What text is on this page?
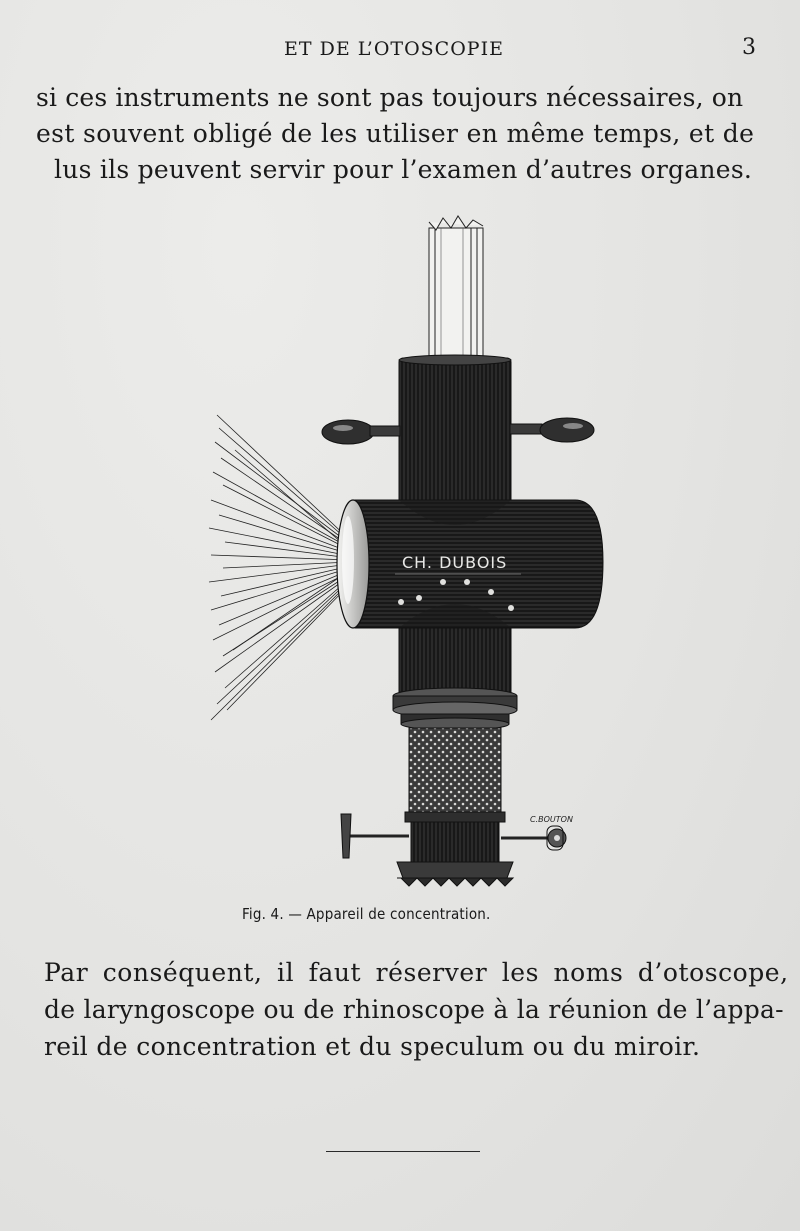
ET DE L’OTOSCOPIE	3
si ces instruments ne sont pas toujours nécessaires, on
est souvent obligé de les utiliser en même temps, et de
lus ils peuvent servir pour l’examen d’autres organes.
CH. DUBOIS
C.BOUTON
Fig. 4. — Appareil de concentration.
Par conséquent, il faut réserver les noms d’otoscope,
de laryngoscope ou de rhinoscope à la réunion de l’appa-
reil de concentration et du speculum ou du miroir.
